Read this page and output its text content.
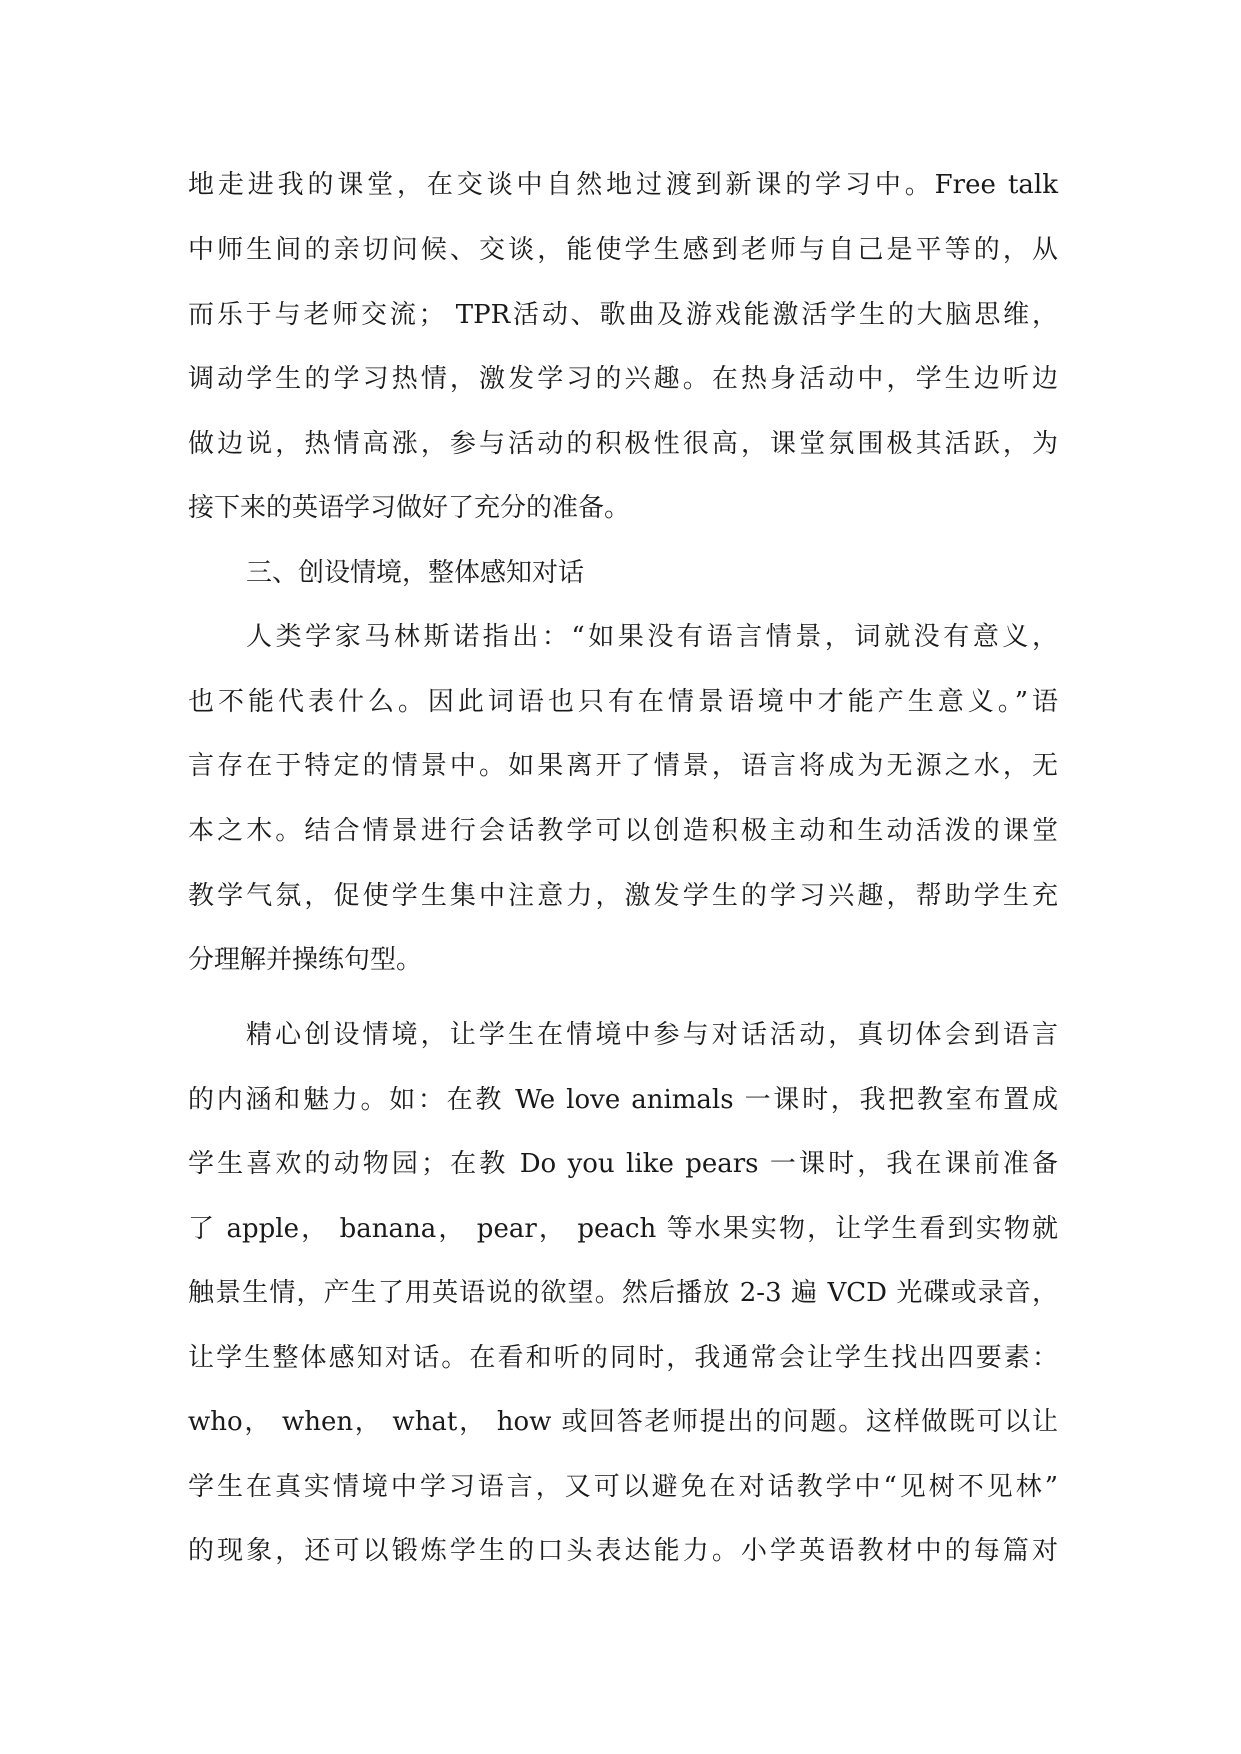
地走进我的课堂，在交谈中自然地过渡到新课的学习中。Free talk
中师生间的亲切问候、交谈，能使学生感到老师与自己是平等的，从
而乐于与老师交流； TPR活动、歌曲及游戏能激活学生的大脑思维，
调动学生的学习热情，激发学习的兴趣。在热身活动中，学生边听边
做边说，热情高涨，参与活动的积极性很高，课堂氛围极其活跃，为
接下来的英语学习做好了充分的准备。
三、创设情境，整体感知对话
人类学家马林斯诺指出：“如果没有语言情景，词就没有意义，
也不能代表什么。因此词语也只有在情景语境中才能产生意义。”语
言存在于特定的情景中。如果离开了情景，语言将成为无源之水，无
本之木。结合情景进行会话教学可以创造积极主动和生动活泼的课堂
教学气氛，促使学生集中注意力，激发学生的学习兴趣，帮助学生充
分理解并操练句型。
精心创设情境，让学生在情境中参与对话活动，真切体会到语言
的内涵和魅力。如：在教 We love animals 一课时，我把教室布置成
学生喜欢的动物园；在教 Do you like pears 一课时，我在课前准备
了 apple， banana， pear， peach 等水果实物，让学生看到实物就
触景生情，产生了用英语说的欲望。然后播放 2-3 遍 VCD 光碟或录音，
让学生整体感知对话。在看和听的同时，我通常会让学生找出四要素：
who， when， what， how 或回答老师提出的问题。这样做既可以让
学生在真实情境中学习语言，又可以避免在对话教学中“见树不见林”
的现象，还可以锻炼学生的口头表达能力。小学英语教材中的每篇对
